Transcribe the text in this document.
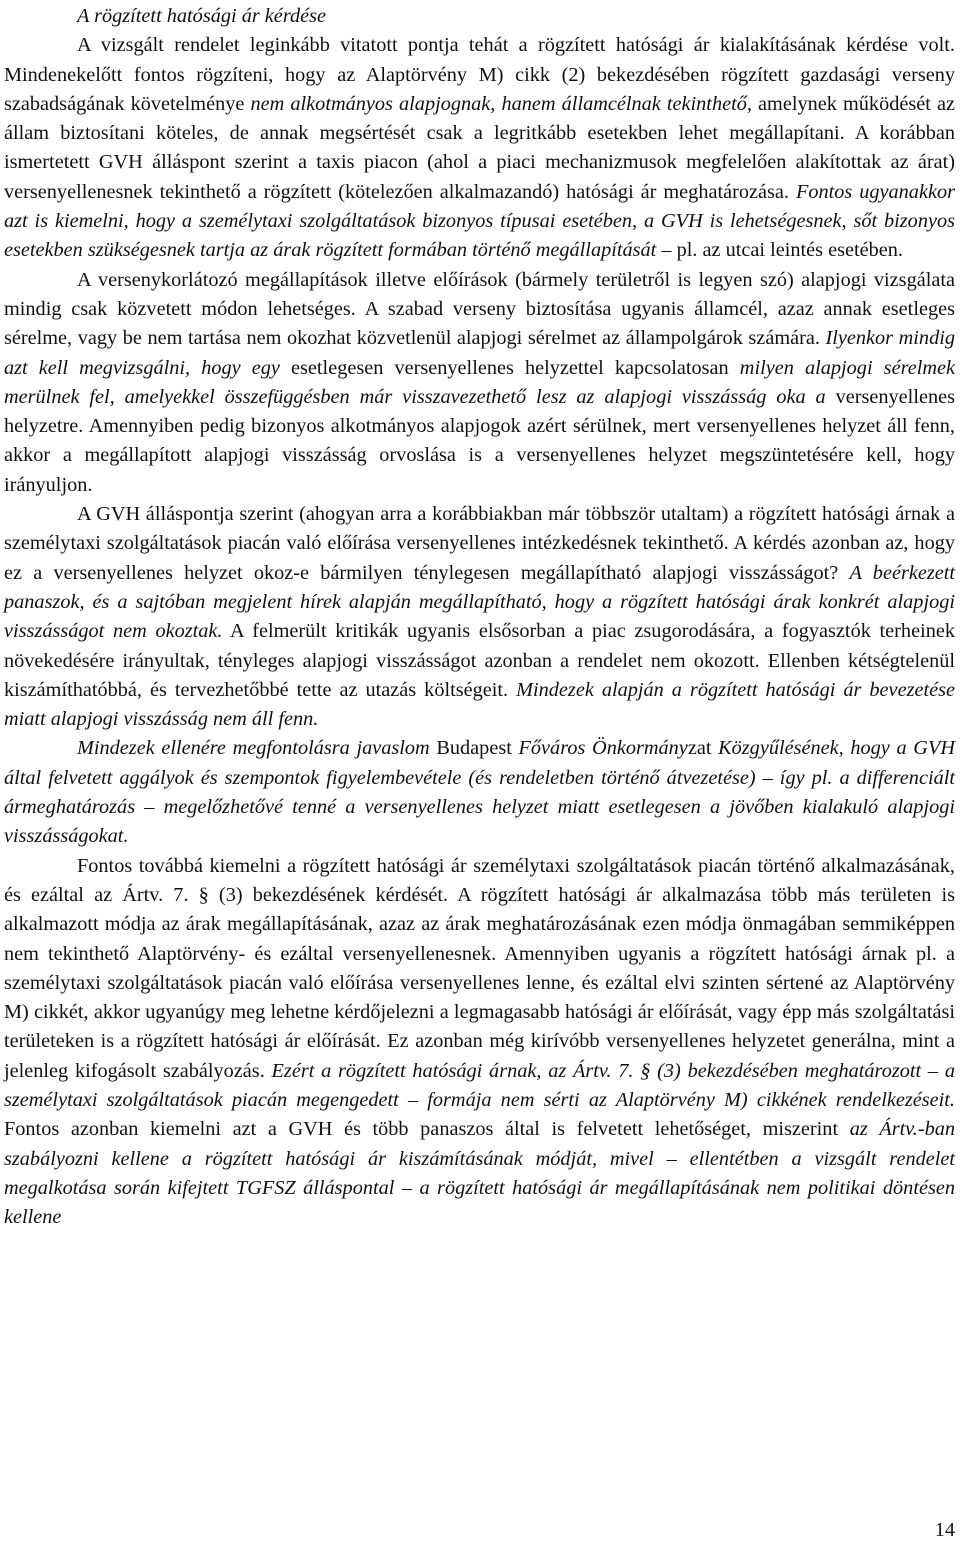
A rögzített hatósági ár kérdése

A vizsgált rendelet leginkább vitatott pontja tehát a rögzített hatósági ár kialakításának kérdése volt. Mindenekelőtt fontos rögzíteni, hogy az Alaptörvény M) cikk (2) bekezdésében rögzített gazdasági verseny szabadságának követelménye nem alkotmányos alapjognak, hanem államcélnak tekinthető, amelynek működését az állam biztosítani köteles, de annak megsértését csak a legritkább esetekben lehet megállapítani. A korábban ismertetett GVH álláspont szerint a taxis piacon (ahol a piaci mechanizmusok megfelelően alakítottak az árat) versenyellenesnek tekinthető a rögzített (kötelezően alkalmazandó) hatósági ár meghatározása. Fontos ugyanakkor azt is kiemelni, hogy a személytaxi szolgáltatások bizonyos típusai esetében, a GVH is lehetségesnek, sőt bizonyos esetekben szükségesnek tartja az árak rögzített formában történő megállapítását – pl. az utcai leintés esetében.

A versenykorlátozó megállapítások illetve előírások (bármely területről is legyen szó) alapjogi vizsgálata mindig csak közvetett módon lehetséges. A szabad verseny biztosítása ugyanis államcél, azaz annak esetleges sérelme, vagy be nem tartása nem okozhat közvetlenül alapjogi sérelmet az állampolgárok számára. Ilyenkor mindig azt kell megvizsgálni, hogy egy esetlegesen versenyellenes helyzettel kapcsolatosan milyen alapjogi sérelmek merülnek fel, amelyekkel összefüggésben már visszavezethető lesz az alapjogi visszásság oka a versenyellenes helyzetre. Amennyiben pedig bizonyos alkotmányos alapjogok azért sérülnek, mert versenyellenes helyzet áll fenn, akkor a megállapított alapjogi visszásság orvoslása is a versenyellenes helyzet megszüntetésére kell, hogy irányuljon.

A GVH álláspontja szerint (ahogyan arra a korábbiakban már többször utaltam) a rögzített hatósági árnak a személytaxi szolgáltatások piacán való előírása versenyellenes intézkedésnek tekinthető. A kérdés azonban az, hogy ez a versenyellenes helyzet okoz-e bármilyen ténylegesen megállapítható alapjogi visszásságot? A beérkezett panaszok, és a sajtóban megjelent hírek alapján megállapítható, hogy a rögzített hatósági árak konkrét alapjogi visszásságot nem okoztak. A felmerült kritikák ugyanis elsősorban a piac zsugorodására, a fogyasztók terheinek növekedésére irányultak, tényleges alapjogi visszásságot azonban a rendelet nem okozott. Ellenben kétségtelenül kiszámíthatóbbá, és tervezhetőbbé tette az utazás költségeit. Mindezek alapján a rögzített hatósági ár bevezetése miatt alapjogi visszásság nem áll fenn.

Mindezek ellenére megfontolásra javaslom Budapest Főváros Önkormányzat Közgyűlésének, hogy a GVH által felvetett aggályok és szempontok figyelembevétele (és rendeletben történő átvezetése) – így pl. a differenciált ármeghatározás – megelőzhetővé tenné a versenyellenes helyzet miatt esetlegesen a jövőben kialakuló alapjogi visszásságokat.

Fontos továbbá kiemelni a rögzített hatósági ár személytaxi szolgáltatások piacán történő alkalmazásának, és ezáltal az Ártv. 7. § (3) bekezdésének kérdését. A rögzített hatósági ár alkalmazása több más területen is alkalmazott módja az árak megállapításának, azaz az árak meghatározásának ezen módja önmagában semmiképpen nem tekinthető Alaptörvény- és ezáltal versenyellenesnek. Amennyiben ugyanis a rögzített hatósági árnak pl. a személytaxi szolgáltatások piacán való előírása versenyellenes lenne, és ezáltal elvi szinten sértené az Alaptörvény M) cikkét, akkor ugyanúgy meg lehetne kérdőjelezni a legmagasabb hatósági ár előírását, vagy épp más szolgáltatási területeken is a rögzített hatósági ár előírását. Ez azonban még kirívóbb versenyellenes helyzetet generálna, mint a jelenleg kifogásolt szabályozás. Ezért a rögzített hatósági árnak, az Ártv. 7. § (3) bekezdésében meghatározott – a személytaxi szolgáltatások piacán megengedett – formája nem sérti az Alaptörvény M) cikkének rendelkezéseit. Fontos azonban kiemelni azt a GVH és több panaszos által is felvetett lehetőséget, miszerint az Ártv.-ban szabályozni kellene a rögzített hatósági ár kiszámításának módját, mivel – ellentétben a vizsgált rendelet megalkotása során kifejtett TGFSZ álláspontal – a rögzített hatósági ár megállapításának nem politikai döntésen kellene

14
